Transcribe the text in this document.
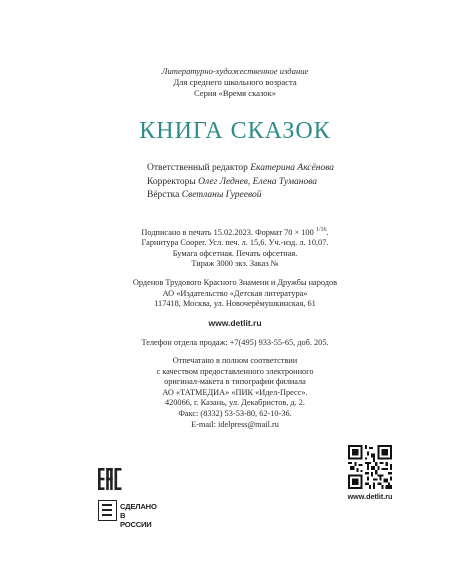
Литературно-художественное издание
Для среднего школьного возраста
Серия «Время сказок»
КНИГА СКАЗОК
Ответственный редактор Екатерина Аксёнова
Корректоры Олег Леднев, Елена Туманова
Вёрстка Светланы Гуреевой
Подписано в печать 15.02.2023. Формат 70 × 100 $^{1/16}$.
Гарнитура Cooper. Усл. печ. л. 15,6. Уч.-изд. л. 10,07.
Бумага офсетная. Печать офсетная.
Тираж 3000 экз. Заказ №
Орденов Трудового Красного Знамени и Дружбы народов
АО «Издательство «Детская литература»
117418, Москва, ул. Новочерёмушкинская, 61
www.detlit.ru
Телефон отдела продаж: +7(495) 933-55-65, доб. 205.
Отпечатано в полном соответствии
с качеством предоставленного электронного
оригинал-макета в типографии филиала
АО «ТАТМЕДИА» «ПИК «Идел-Пресс».
420066, г. Казань, ул. Декабристов, д. 2.
Факс: (8332) 53-53-80, 62-10-36.
E-mail: idelpress@mail.ru
СДЕЛАНО
В РОССИИ
www.detlit.ru
